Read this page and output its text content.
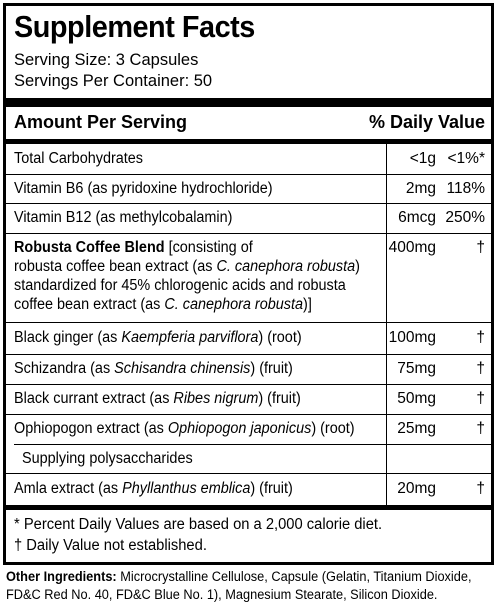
Supplement Facts
Serving Size: 3 Capsules
Servings Per Container: 50
Amount Per Serving	% Daily Value
Total Carbohydrates	<1g <1%*
Vitamin B6 (as pyridoxine hydrochloride)	2mg 118%
Vitamin B12 (as methylcobalamin)	6mcg 250%
Robusta Coffee Blend [consisting of
robusta coffee bean extract (as C. canephora robusta)
standardized for 45% chlorogenic acids and robusta
coffee bean extract (as C. canephora robusta)]
400mg	†
Black ginger (as Kaempferia parviflora) (root)	100mg	†
Schizandra (as Schisandra chinensis) (fruit)	75mg	†
Black currant extract (as Ribes nigrum) (fruit)	50mg	†
Ophiopogon extract (as Ophiopogon japonicus) (root)	25mg	†
Supplying polysaccharides
Amla extract (as Phyllanthus emblica) (fruit)	20mg	†
* Percent Daily Values are based on a 2,000 calorie diet.
† Daily Value not established.
Other Ingredients: Microcrystalline Cellulose, Capsule (Gelatin, Titanium Dioxide,
FD&C Red No. 40, FD&C Blue No. 1), Magnesium Stearate, Silicon Dioxide.
